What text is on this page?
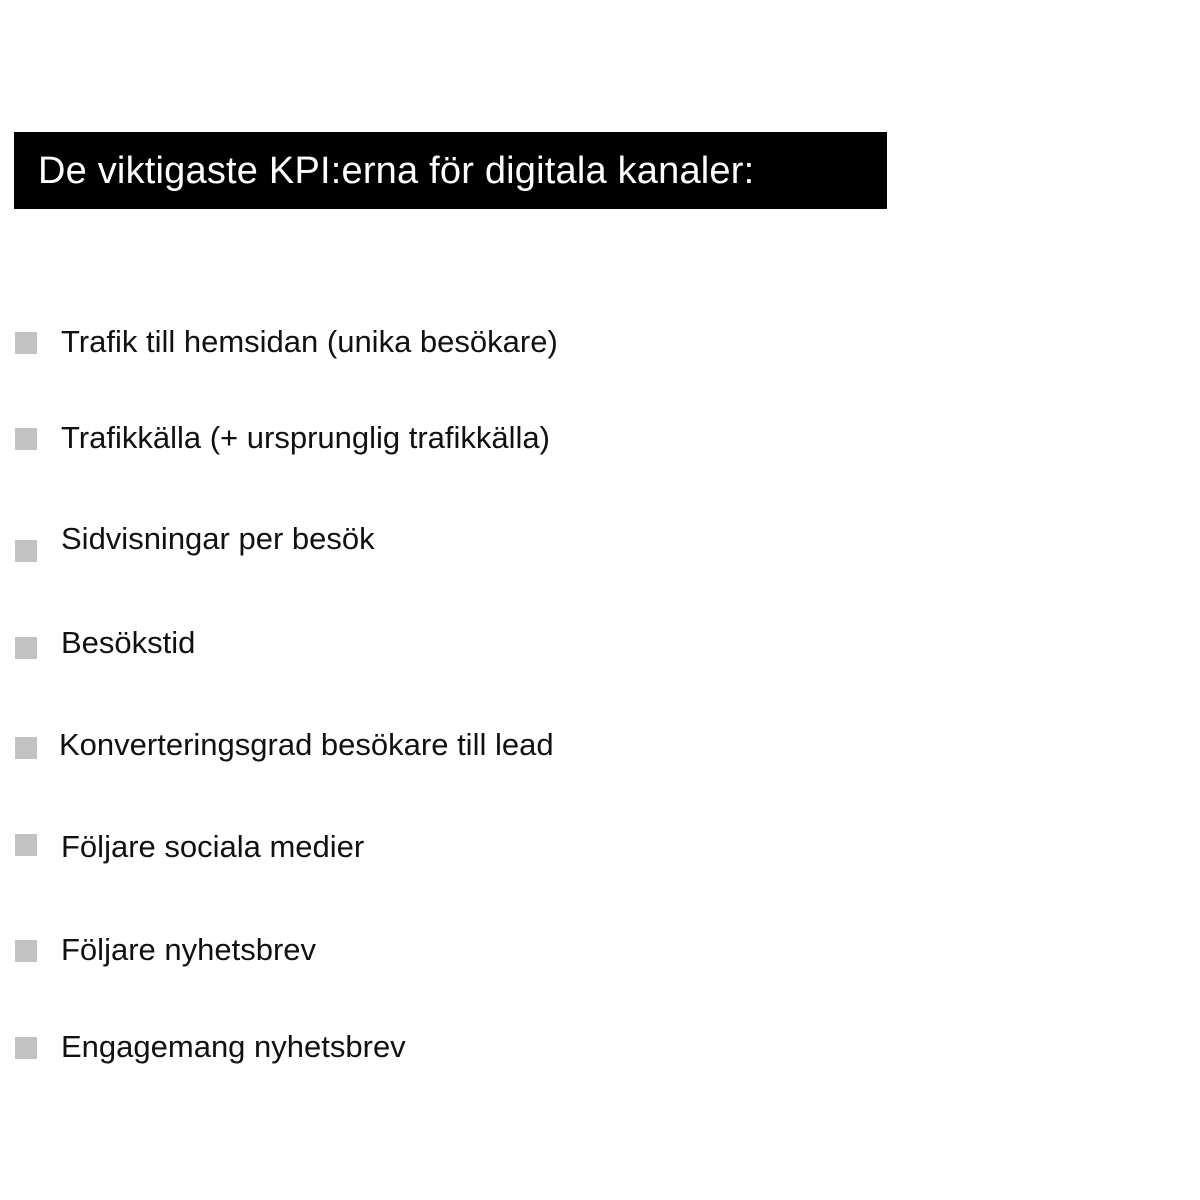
De viktigaste KPI:erna för digitala kanaler:
Trafik till hemsidan (unika besökare)
Trafikkälla (+ ursprunglig trafikkälla)
Sidvisningar per besök
Besökstid
Konverteringsgrad besökare till lead
Följare sociala medier
Följare nyhetsbrev
Engagemang nyhetsbrev
